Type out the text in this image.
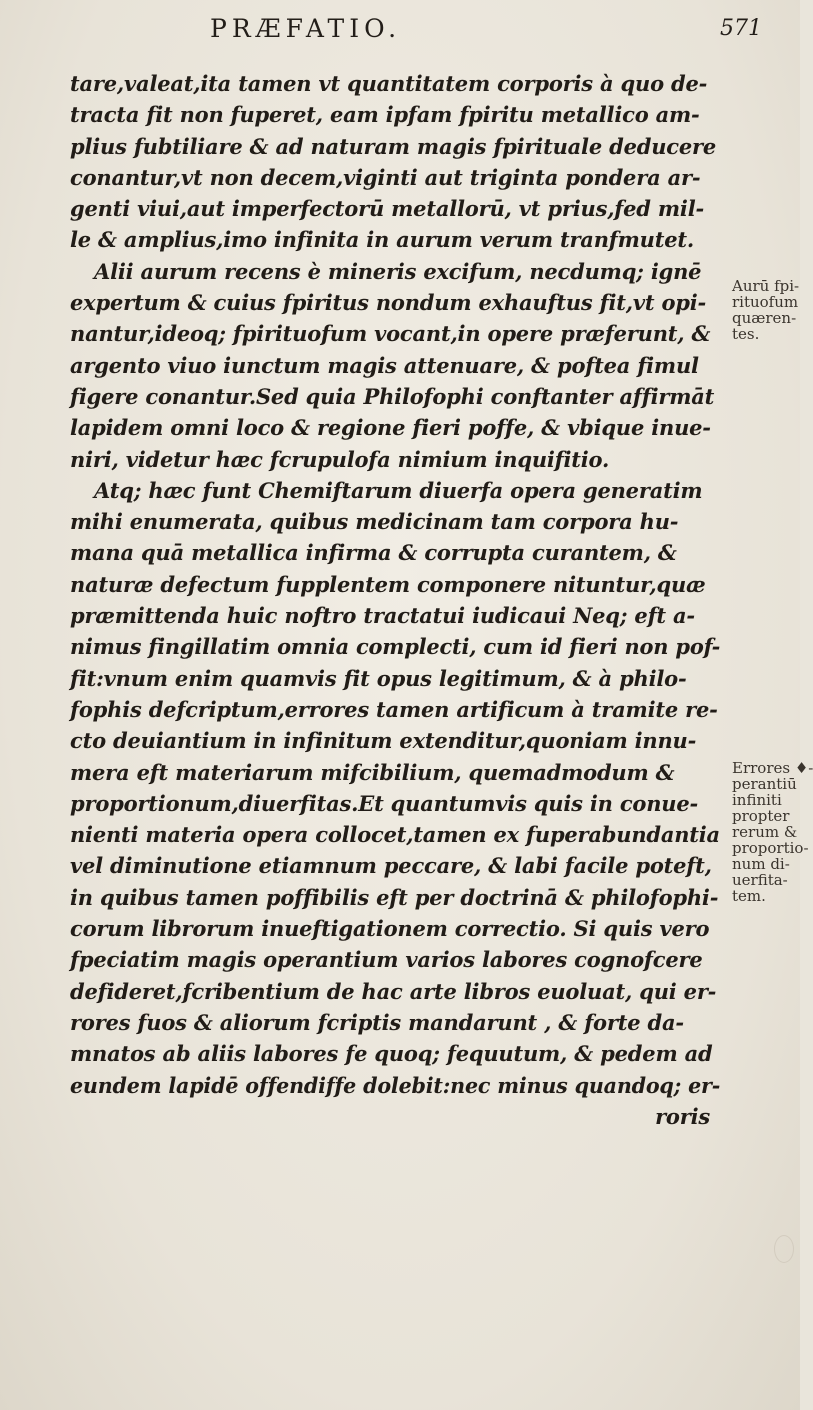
PRÆFATIO.	571
tare,valeat,ita tamen vt quantitatem corporis à quo de-
tracta fit non fuperet, eam ipfam fpiritu metallico am-
plius fubtiliare & ad naturam magis fpirituale deducere
conantur,vt non decem,viginti aut triginta pondera ar-
genti viui,aut imperfectorū metallorū, vt prius,fed mil-
le & amplius,imo infinita in aurum verum tranfmutet.
Alii aurum recens è mineris excifum, necdumq; ignē
expertum & cuius fpiritus nondum exhauftus fit,vt opi-
nantur,ideoq; fpirituofum vocant,in opere præferunt, &
argento viuo iunctum magis attenuare, & poftea fimul
figere conantur.Sed quia Philofophi conftanter affirmāt
lapidem omni loco & regione fieri poffe, & vbique inue-
niri, videtur hæc fcrupulofa nimium inquifitio.
Atq; hæc funt Chemiftarum diuerfa opera generatim
mihi enumerata, quibus medicinam tam corpora hu-
mana quā metallica infirma & corrupta curantem, &
naturæ defectum fupplentem componere nituntur,quæ
præmittenda huic noftro tractatui iudicaui Neq; eft a-
nimus fingillatim omnia complecti, cum id fieri non pof-
fit:vnum enim quamvis fit opus legitimum, & à philo-
fophis defcriptum,errores tamen artificum à tramite re-
cto deuiantium in infinitum extenditur,quoniam innu-
mera eft materiarum mifcibilium, quemadmodum &
proportionum,diuerfitas.Et quantumvis quis in conue-
nienti materia opera collocet,tamen ex fuperabundantia
vel diminutione etiamnum peccare, & labi facile poteft,
in quibus tamen poffibilis eft per doctrinā & philofophi-
corum librorum inueftigationem correctio. Si quis vero
fpeciatim magis operantium varios labores cognofcere
defideret,fcribentium de hac arte libros euoluat, qui er-
rores fuos & aliorum fcriptis mandarunt , & forte da-
mnatos ab aliis labores fe quoq; fequutum, & pedem ad
eundem lapidē offendiffe dolebit:nec minus quandoq; er-
roris
Aurū fpi-
rituofum
quæren-
tes.
Errores ♦-
perantiū
infiniti
propter
rerum &
proportio-
num di-
uerfita-
tem.
